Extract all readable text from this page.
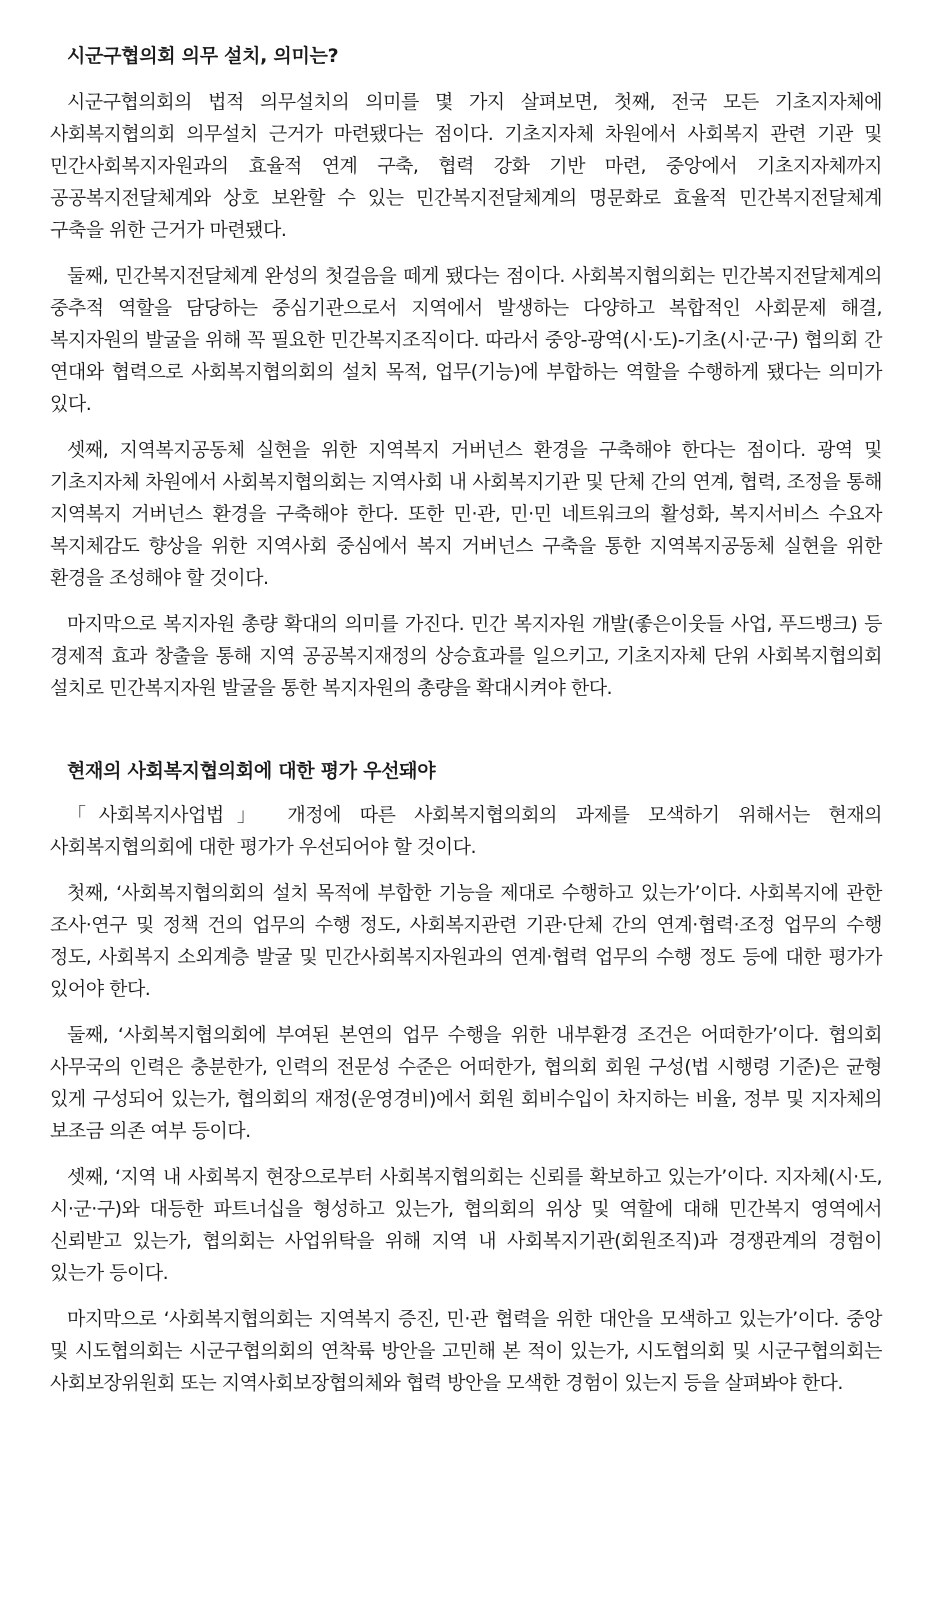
시군구협의회 의무 설치, 의미는?

시군구협의회의 법적 의무설치의 의미를 몇 가지 살펴보면, 첫째, 전국 모든 기초지자체에 사회복지협의회 의무설치 근거가 마련됐다는 점이다. 기초지자체 차원에서 사회복지 관련 기관 및 민간사회복지자원과의 효율적 연계 구축, 협력 강화 기반 마련, 중앙에서 기초지자체까지 공공복지전달체계와 상호 보완할 수 있는 민간복지전달체계의 명문화로 효율적 민간복지전달체계 구축을 위한 근거가 마련됐다.

둘째, 민간복지전달체계 완성의 첫걸음을 떼게 됐다는 점이다. 사회복지협의회는 민간복지전달체계의 중추적 역할을 담당하는 중심기관으로서 지역에서 발생하는 다양하고 복합적인 사회문제 해결, 복지자원의 발굴을 위해 꼭 필요한 민간복지조직이다. 따라서 중앙-광역(시·도)-기초(시·군·구) 협의회 간 연대와 협력으로 사회복지협의회의 설치 목적, 업무(기능)에 부합하는 역할을 수행하게 됐다는 의미가 있다.

셋째, 지역복지공동체 실현을 위한 지역복지 거버넌스 환경을 구축해야 한다는 점이다. 광역 및 기초지자체 차원에서 사회복지협의회는 지역사회 내 사회복지기관 및 단체 간의 연계, 협력, 조정을 통해 지역복지 거버넌스 환경을 구축해야 한다. 또한 민·관, 민·민 네트워크의 활성화, 복지서비스 수요자 복지체감도 향상을 위한 지역사회 중심에서 복지 거버넌스 구축을 통한 지역복지공동체 실현을 위한 환경을 조성해야 할 것이다.

마지막으로 복지자원 총량 확대의 의미를 가진다. 민간 복지자원 개발(좋은이웃들 사업, 푸드뱅크) 등 경제적 효과 창출을 통해 지역 공공복지재정의 상승효과를 일으키고, 기초지자체 단위 사회복지협의회 설치로 민간복지자원 발굴을 통한 복지자원의 총량을 확대시켜야 한다.

현재의 사회복지협의회에 대한 평가 우선돼야

「사회복지사업법」 개정에 따른 사회복지협의회의 과제를 모색하기 위해서는 현재의 사회복지협의회에 대한 평가가 우선되어야 할 것이다.

첫째, ‘사회복지협의회의 설치 목적에 부합한 기능을 제대로 수행하고 있는가’이다. 사회복지에 관한 조사·연구 및 정책 건의 업무의 수행 정도, 사회복지관련 기관·단체 간의 연계·협력·조정 업무의 수행 정도, 사회복지 소외계층 발굴 및 민간사회복지자원과의 연계·협력 업무의 수행 정도 등에 대한 평가가 있어야 한다.

둘째, ‘사회복지협의회에 부여된 본연의 업무 수행을 위한 내부환경 조건은 어떠한가’이다. 협의회 사무국의 인력은 충분한가, 인력의 전문성 수준은 어떠한가, 협의회 회원 구성(법 시행령 기준)은 균형 있게 구성되어 있는가, 협의회의 재정(운영경비)에서 회원 회비수입이 차지하는 비율, 정부 및 지자체의 보조금 의존 여부 등이다.

셋째, ‘지역 내 사회복지 현장으로부터 사회복지협의회는 신뢰를 확보하고 있는가’이다. 지자체(시·도, 시·군·구)와 대등한 파트너십을 형성하고 있는가, 협의회의 위상 및 역할에 대해 민간복지 영역에서 신뢰받고 있는가, 협의회는 사업위탁을 위해 지역 내 사회복지기관(회원조직)과 경쟁관계의 경험이 있는가 등이다.

마지막으로 ‘사회복지협의회는 지역복지 증진, 민·관 협력을 위한 대안을 모색하고 있는가’이다. 중앙 및 시도협의회는 시군구협의회의 연착륙 방안을 고민해 본 적이 있는가, 시도협의회 및 시군구협의회는 사회보장위원회 또는 지역사회보장협의체와 협력 방안을 모색한 경험이 있는지 등을 살펴봐야 한다.
